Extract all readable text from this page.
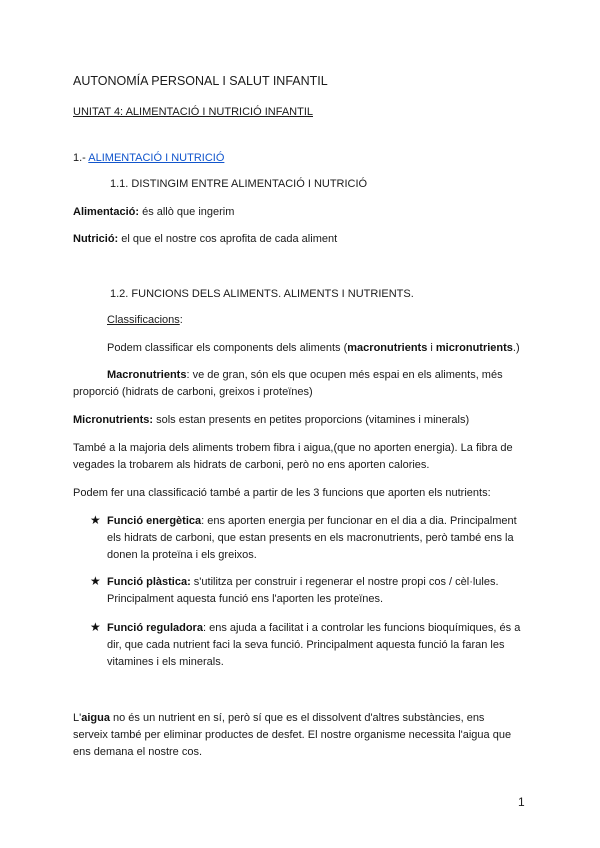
AUTONOMÍA PERSONAL I SALUT INFANTIL
UNITAT 4: ALIMENTACIÓ I NUTRICIÓ INFANTIL
1.- ALIMENTACIÓ I NUTRICIÓ
1.1. DISTINGIM ENTRE ALIMENTACIÓ I NUTRICIÓ
Alimentació: és allò que ingerim
Nutrició: el que el nostre cos aprofita de cada aliment
1.2. FUNCIONS DELS ALIMENTS. ALIMENTS I NUTRIENTS.
Classificacions:
Podem classificar els components dels aliments (macronutrients i micronutrients.)
Macronutrients: ve de gran, són els que ocupen més espai en els aliments, més
proporció (hidrats de carboni, greixos i proteïnes)
Micronutrients: sols estan presents en petites proporcions (vitamines i minerals)
També a la majoria dels aliments trobem fibra i aigua,(que no aporten energia). La fibra de
vegades la trobarem als hidrats de carboni, però no ens aporten calories.
Podem fer una classificació també a partir de les 3 funcions que aporten els nutrients:
★ Funció energètica: ens aporten energia per funcionar en el dia a dia. Principalment
els hidrats de carboni, que estan presents en els macronutrients, però també ens la
donen la proteïna i els greixos.
★ Funció plàstica: s'utilitza per construir i regenerar el nostre propi cos / cèl·lules.
Principalment aquesta funció ens l'aporten les proteïnes.
★ Funció reguladora: ens ajuda a facilitat i a controlar les funcions bioquímiques, és a
dir, que cada nutrient faci la seva funció. Principalment aquesta funció la faran les
vitamines i els minerals.
L'aigua no és un nutrient en sí, però sí que es el dissolvent d'altres substàncies, ens
serveix també per eliminar productes de desfet. El nostre organisme necessita l'aigua que
ens demana el nostre cos.
1
